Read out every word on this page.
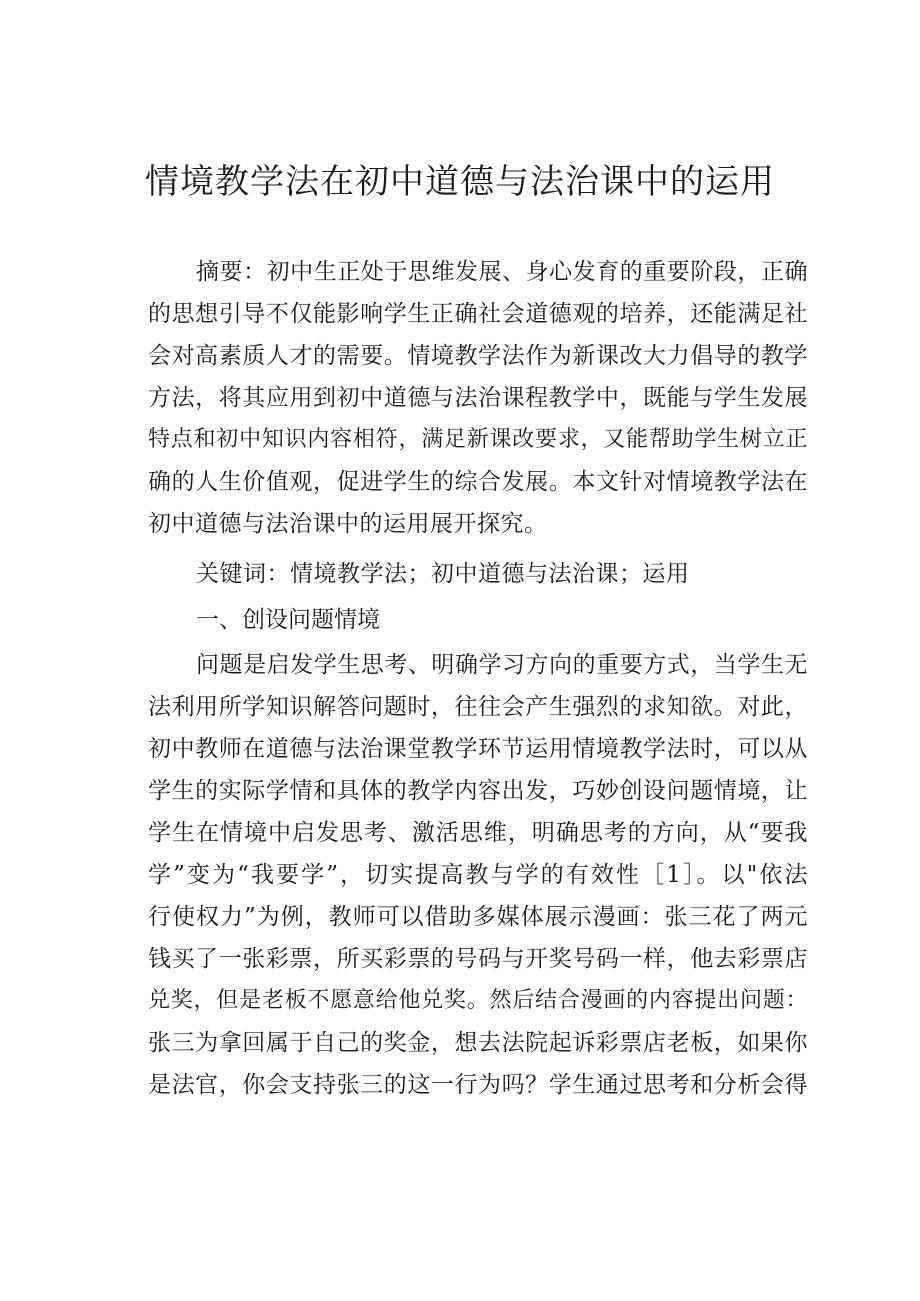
情境教学法在初中道德与法治课中的运用
摘要：初中生正处于思维发展、身心发育的重要阶段，正确
的思想引导不仅能影响学生正确社会道德观的培养，还能满足社
会对高素质人才的需要。情境教学法作为新课改大力倡导的教学
方法，将其应用到初中道德与法治课程教学中，既能与学生发展
特点和初中知识内容相符，满足新课改要求，又能帮助学生树立正
确的人生价值观，促进学生的综合发展。本文针对情境教学法在
初中道德与法治课中的运用展开探究。
关键词：情境教学法；初中道德与法治课；运用
一、创设问题情境
问题是启发学生思考、明确学习方向的重要方式，当学生无
法利用所学知识解答问题时，往往会产生强烈的求知欲。对此，
初中教师在道德与法治课堂教学环节运用情境教学法时，可以从
学生的实际学情和具体的教学内容出发，巧妙创设问题情境，让
学生在情境中启发思考、激活思维，明确思考的方向，从“要我
学”变为“我要学”，切实提高教与学的有效性［1］。以"依法
行使权力”为例，教师可以借助多媒体展示漫画：张三花了两元
钱买了一张彩票，所买彩票的号码与开奖号码一样，他去彩票店
兑奖，但是老板不愿意给他兑奖。然后结合漫画的内容提出问题：
张三为拿回属于自己的奖金，想去法院起诉彩票店老板，如果你
是法官，你会支持张三的这一行为吗？学生通过思考和分析会得
